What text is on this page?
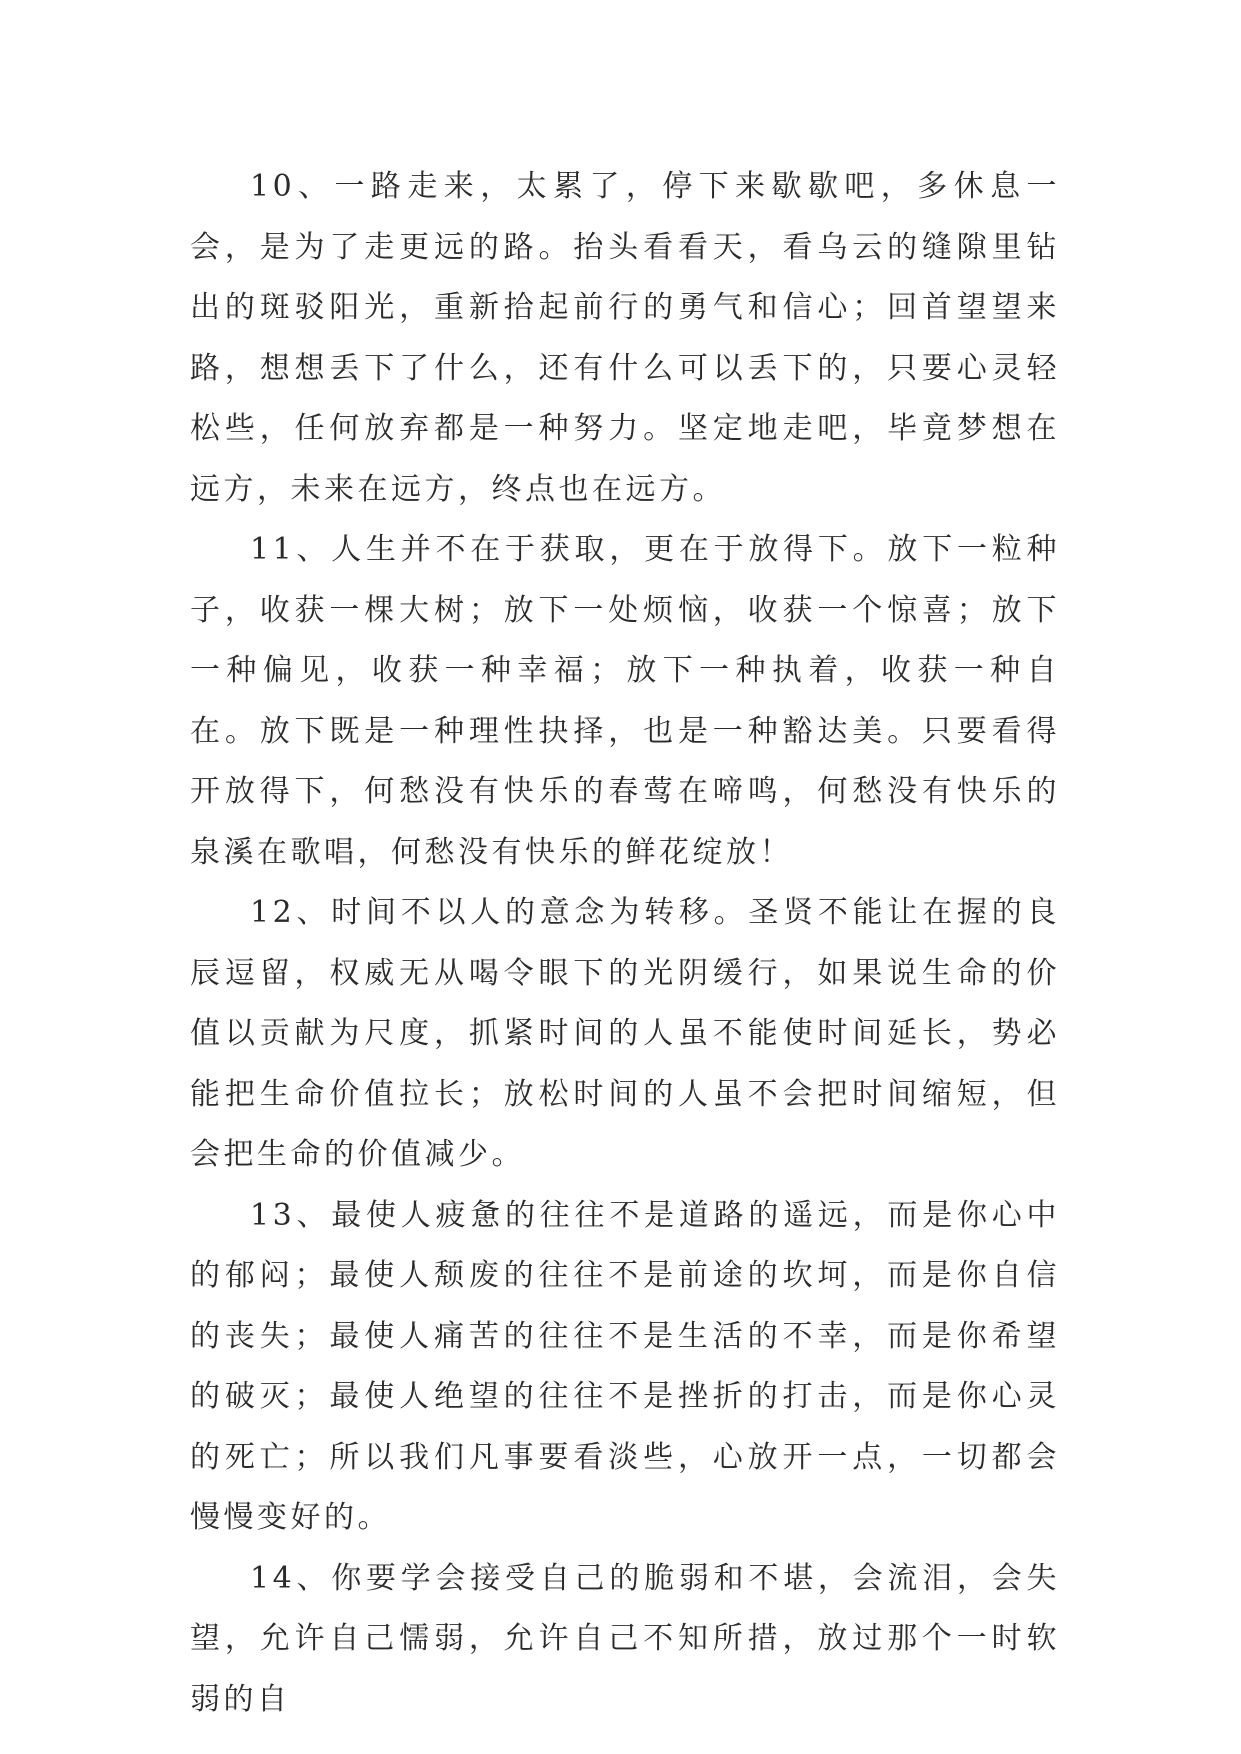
10、一路走来，太累了，停下来歇歇吧，多休息一会，是为了走更远的路。抬头看看天，看乌云的缝隙里钻出的斑驳阳光，重新拾起前行的勇气和信心；回首望望来路，想想丢下了什么，还有什么可以丢下的，只要心灵轻松些，任何放弃都是一种努力。坚定地走吧，毕竟梦想在远方，未来在远方，终点也在远方。

11、人生并不在于获取，更在于放得下。放下一粒种子，收获一棵大树；放下一处烦恼，收获一个惊喜；放下一种偏见，收获一种幸福；放下一种执着，收获一种自在。放下既是一种理性抉择，也是一种豁达美。只要看得开放得下，何愁没有快乐的春莺在啼鸣，何愁没有快乐的泉溪在歌唱，何愁没有快乐的鲜花绽放！

12、时间不以人的意念为转移。圣贤不能让在握的良辰逗留，权威无从喝令眼下的光阴缓行，如果说生命的价值以贡献为尺度，抓紧时间的人虽不能使时间延长，势必能把生命价值拉长；放松时间的人虽不会把时间缩短，但会把生命的价值减少。

13、最使人疲惫的往往不是道路的遥远，而是你心中的郁闷；最使人颓废的往往不是前途的坎坷，而是你自信的丧失；最使人痛苦的往往不是生活的不幸，而是你希望的破灭；最使人绝望的往往不是挫折的打击，而是你心灵的死亡；所以我们凡事要看淡些，心放开一点，一切都会慢慢变好的。

14、你要学会接受自己的脆弱和不堪，会流泪，会失望，允许自己懦弱，允许自己不知所措，放过那个一时软弱的自
